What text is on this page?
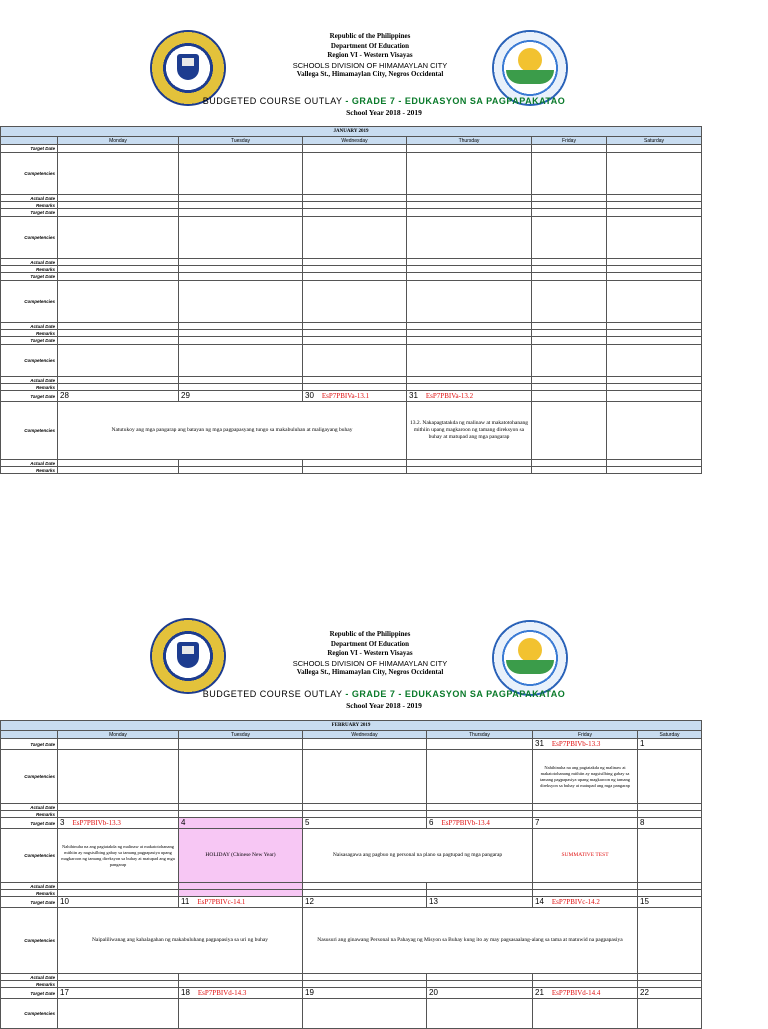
Republic of the Philippines
Department Of Education
Region VI - Western Visayas
SCHOOLS DIVISION OF HIMAMAYLAN CITY
Vallega St., Himamaylan City, Negros Occidental
BUDGETED COURSE OUTLAY - GRADE 7 - EDUKASYON SA PAGPAPAKATAO
School Year 2018 - 2019
JANUARY 2019						
	Monday	Tuesday	Wednesday	Thursday	Friday	Saturday
Target Date						
Competencies						
Actual Date						
Remarks						
Target Date						
Competencies						
Actual Date						
Remarks						
Target Date						
Competencies						
Actual Date						
Remarks						
Target Date						
Competencies						
Actual Date						
Remarks						
Target Date	28	29	30 EsP7PBIVa-13.1	31 EsP7PBIVa-13.2		
Competencies	Natutukoy ang mga pangarap ang batayan ng mga pagpapasyang tungo sa makabuluhan at maligayang buhay			13.2. Nakapagtatakda ng malinaw at makatotohanang mithiin upang magkaroon ng tamang direksyon sa buhay at matupad ang mga pangarap		
Actual Date						
Remarks						
Republic of the Philippines
Department Of Education
Region VI - Western Visayas
SCHOOLS DIVISION OF HIMAMAYLAN CITY
Vallega St., Himamaylan City, Negros Occidental
BUDGETED COURSE OUTLAY - GRADE 7 - EDUKASYON SA PAGPAPAKATAO
School Year 2018 - 2019
FEBRUARY 2019						
	Monday	Tuesday	Wednesday	Thursday	Friday	Saturday
Target Date					31 EsP7PBIVb-13.3	1
Competencies					Nahihinuha na ang pagtatakda ng malinaw at makatotohanang mithiin ay nagsisilbing gabay sa tamang pagpapasiya upang magkaroon ng tamang direksyon sa buhay at matupad ang mga pangarap	
Actual Date						
Remarks						
Target Date	3 EsP7PBIVb-13.3	4	5	6 EsP7PBIVb-13.4	7	8
Competencies	Nahihinuha na ang pagtatakda ng malinaw at makatotohanang mithiin ay nagsisilbing gabay sa tamang pagpapasiya upang magkaroon ng tamang direksyon sa buhay at matupad ang mga pangarap	HOLIDAY (Chinese New Year)	Naisasagawa ang pagbuo ng personal na plano sa pagtupad ng mga pangarap		SUMMATIVE TEST	
Actual Date						
Remarks						
Target Date	10	11 EsP7PBIVc-14.1	12	13	14 EsP7PBIVc-14.2	15
Competencies	Naipaliliwanag ang kahalagahan ng makabuluhang pagpapasiya sa uri ng buhay		Nasusuri ang ginawang Personal na Pahayag ng Misyon sa Buhay kung ito ay may pagsasaalang-alang sa tama at matuwid na pagpapasiya			
Actual Date						
Remarks						
Target Date	17	18 EsP7PBIVd-14.3	19	20	21 EsP7PBIVd-14.4	22
Competencies						
